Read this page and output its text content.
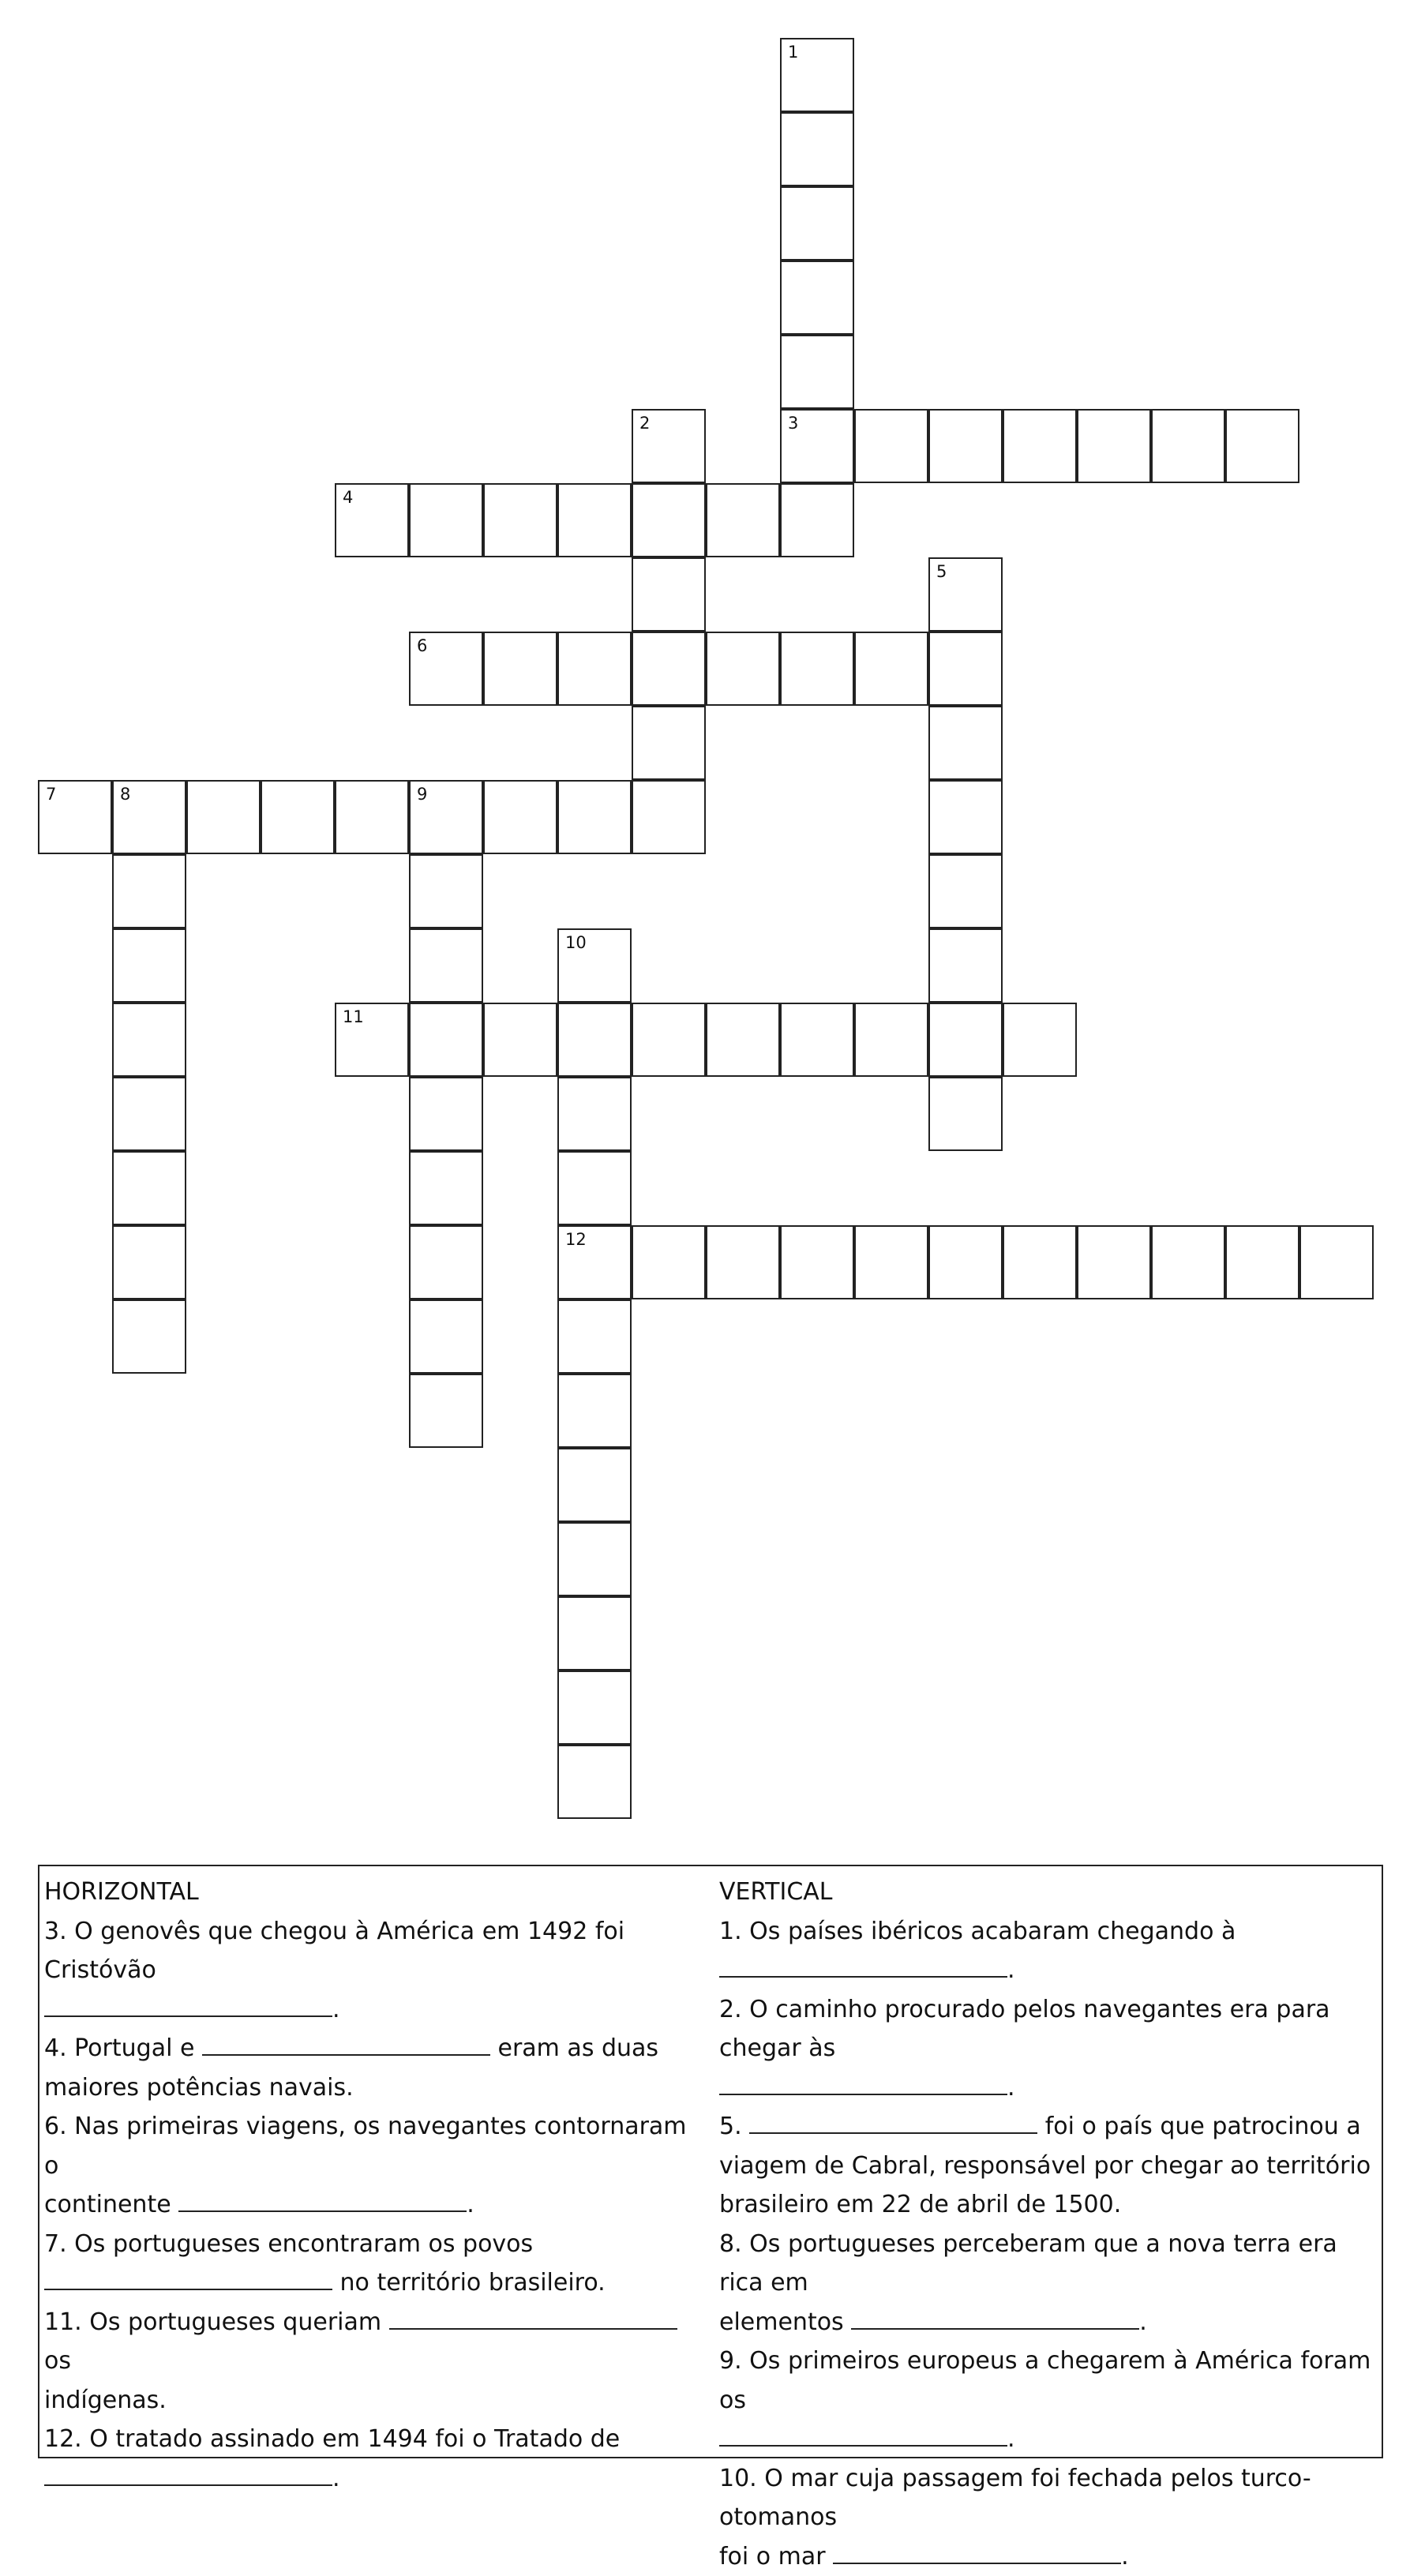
1
3
2
4
5
6
7	8	9
10
12
11

HORIZONTAL

3. O genovês que chegou à América em 1492 foi Cristóvão

.

4. Portugal e	eram as duas

maiores potências navais.

6. Nas primeiras viagens, os navegantes contornaram o

continente	.

7. Os portugueses encontraram os povos

no território brasileiro.

11. Os portugueses queriam  os

indígenas.

12. O tratado assinado em 1494 foi o Tratado de

.

VERTICAL

1. Os países ibéricos acabaram chegando à

.

2. O caminho procurado pelos navegantes era para chegar às

.

5.	foi o país que patrocinou a

viagem de Cabral, responsável por chegar ao território

brasileiro em 22 de abril de 1500.

8. Os portugueses perceberam que a nova terra era rica em

elementos	.

9. Os primeiros europeus a chegarem à América foram os

.

10. O mar cuja passagem foi fechada pelos turco-otomanos

foi o mar	.
